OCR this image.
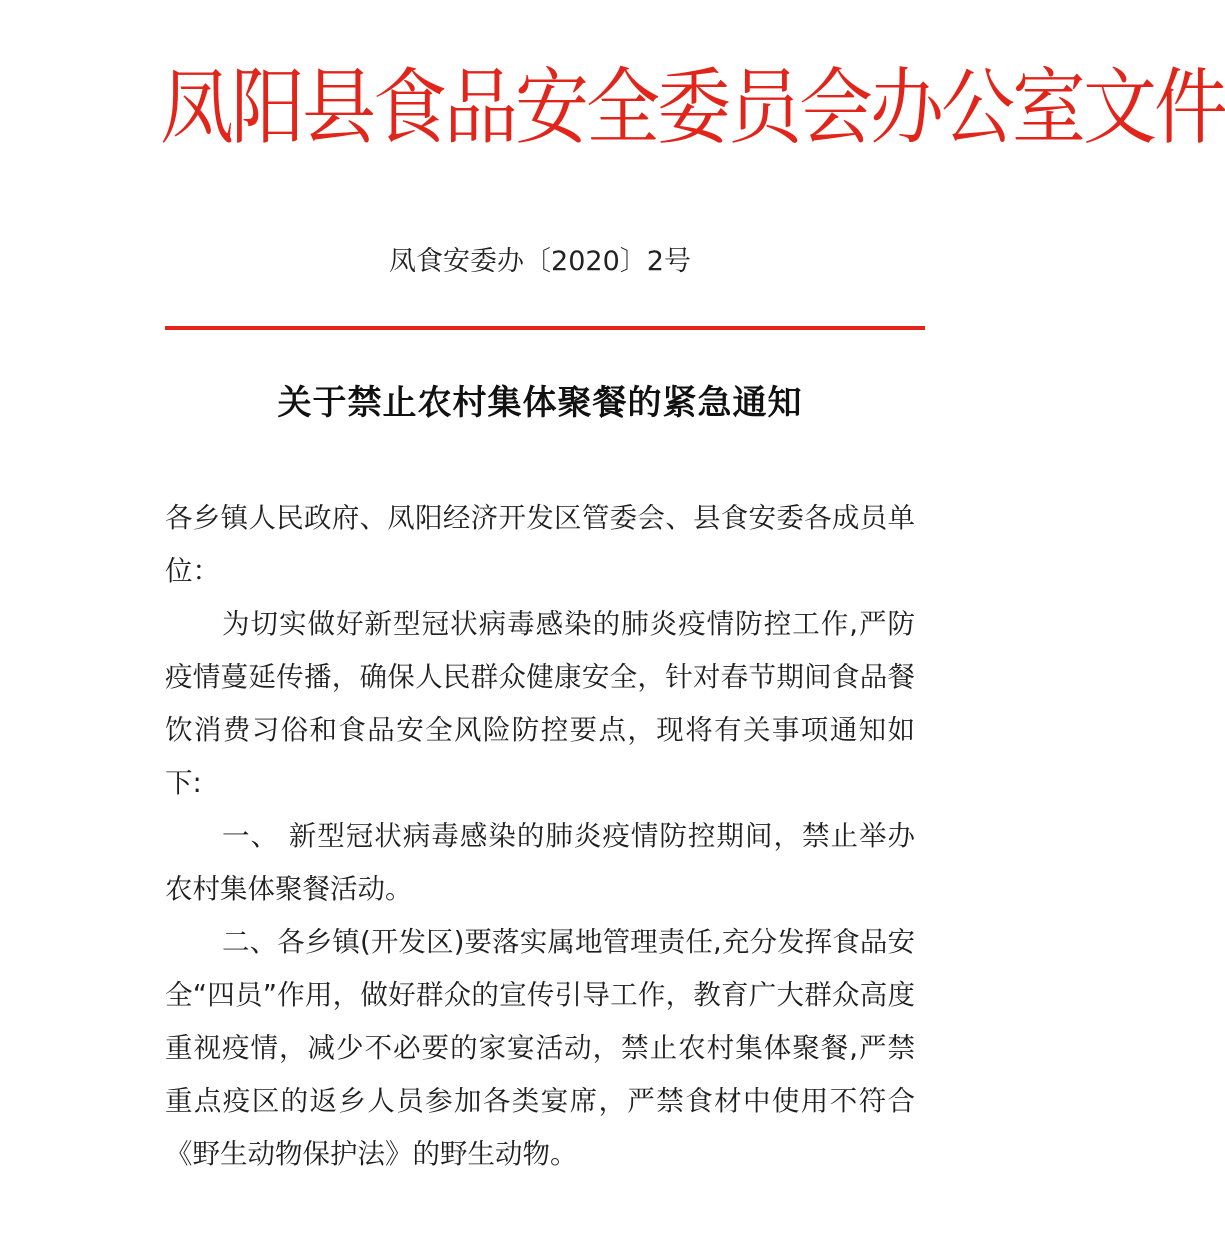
凤阳县食品安全委员会办公室文件
凤食安委办〔2020〕2号
关于禁止农村集体聚餐的紧急通知

各乡镇人民政府、凤阳经济开发区管委会、县食安委各成员单位：

为切实做好新型冠状病毒感染的肺炎疫情防控工作,严防疫情蔓延传播，确保人民群众健康安全，针对春节期间食品餐饮消费习俗和食品安全风险防控要点，现将有关事项通知如下:

一、 新型冠状病毒感染的肺炎疫情防控期间，禁止举办农村集体聚餐活动。

二、各乡镇(开发区)要落实属地管理责任,充分发挥食品安全“四员”作用，做好群众的宣传引导工作，教育广大群众高度重视疫情，减少不必要的家宴活动，禁止农村集体聚餐,严禁重点疫区的返乡人员参加各类宴席，严禁食材中使用不符合《野生动物保护法》的野生动物。
